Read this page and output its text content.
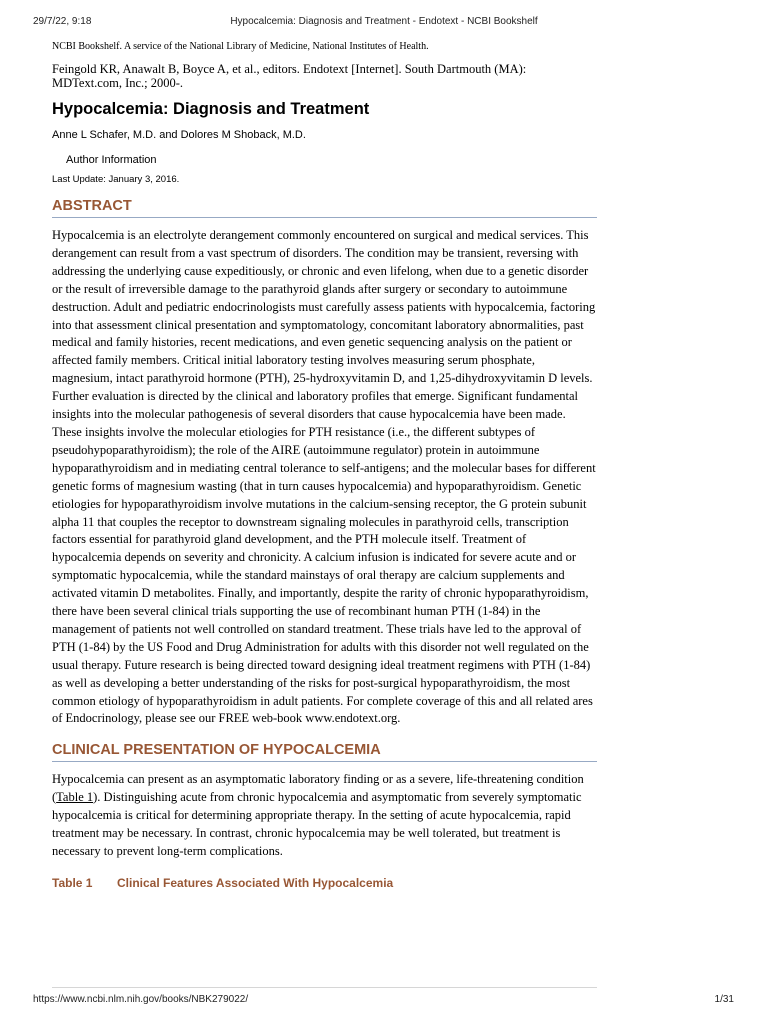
Hypocalcemia: Diagnosis and Treatment - Endotext - NCBI Bookshelf
29/7/22, 9:18

NCBI Bookshelf. A service of the National Library of Medicine, National Institutes of Health.

Feingold KR, Anawalt B, Boyce A, et al., editors. Endotext [Internet]. South Dartmouth (MA): MDText.com, Inc.; 2000-.

Hypocalcemia: Diagnosis and Treatment

Anne L Schafer, M.D. and Dolores M Shoback, M.D.

Author Information

Last Update: January 3, 2016.

ABSTRACT

Hypocalcemia is an electrolyte derangement commonly encountered on surgical and medical services. This derangement can result from a vast spectrum of disorders. The condition may be transient, reversing with addressing the underlying cause expeditiously, or chronic and even lifelong, when due to a genetic disorder or the result of irreversible damage to the parathyroid glands after surgery or secondary to autoimmune destruction. Adult and pediatric endocrinologists must carefully assess patients with hypocalcemia, factoring into that assessment clinical presentation and symptomatology, concomitant laboratory abnormalities, past medical and family histories, recent medications, and even genetic sequencing analysis on the patient or affected family members. Critical initial laboratory testing involves measuring serum phosphate, magnesium, intact parathyroid hormone (PTH), 25-hydroxyvitamin D, and 1,25-dihydroxyvitamin D levels. Further evaluation is directed by the clinical and laboratory profiles that emerge. Significant fundamental insights into the molecular pathogenesis of several disorders that cause hypocalcemia have been made. These insights involve the molecular etiologies for PTH resistance (i.e., the different subtypes of pseudohypoparathyroidism); the role of the AIRE (autoimmune regulator) protein in autoimmune hypoparathyroidism and in mediating central tolerance to self-antigens; and the molecular bases for different genetic forms of magnesium wasting (that in turn causes hypocalcemia) and hypoparathyroidism. Genetic etiologies for hypoparathyroidism involve mutations in the calcium-sensing receptor, the G protein subunit alpha 11 that couples the receptor to downstream signaling molecules in parathyroid cells, transcription factors essential for parathyroid gland development, and the PTH molecule itself. Treatment of hypocalcemia depends on severity and chronicity. A calcium infusion is indicated for severe acute and or symptomatic hypocalcemia, while the standard mainstays of oral therapy are calcium supplements and activated vitamin D metabolites. Finally, and importantly, despite the rarity of chronic hypoparathyroidism, there have been several clinical trials supporting the use of recombinant human PTH (1-84) in the management of patients not well controlled on standard treatment. These trials have led to the approval of PTH (1-84) by the US Food and Drug Administration for adults with this disorder not well regulated on the usual therapy. Future research is being directed toward designing ideal treatment regimens with PTH (1-84) as well as developing a better understanding of the risks for post-surgical hypoparathyroidism, the most common etiology of hypoparathyroidism in adult patients. For complete coverage of this and all related ares of Endocrinology, please see our FREE web-book www.endotext.org.

CLINICAL PRESENTATION OF HYPOCALCEMIA

Hypocalcemia can present as an asymptomatic laboratory finding or as a severe, life-threatening condition (Table 1). Distinguishing acute from chronic hypocalcemia and asymptomatic from severely symptomatic hypocalcemia is critical for determining appropriate therapy. In the setting of acute hypocalcemia, rapid treatment may be necessary. In contrast, chronic hypocalcemia may be well tolerated, but treatment is necessary to prevent long-term complications.

Table 1 Clinical Features Associated With Hypocalcemia
https://www.ncbi.nlm.nih.gov/books/NBK279022/	1/31
